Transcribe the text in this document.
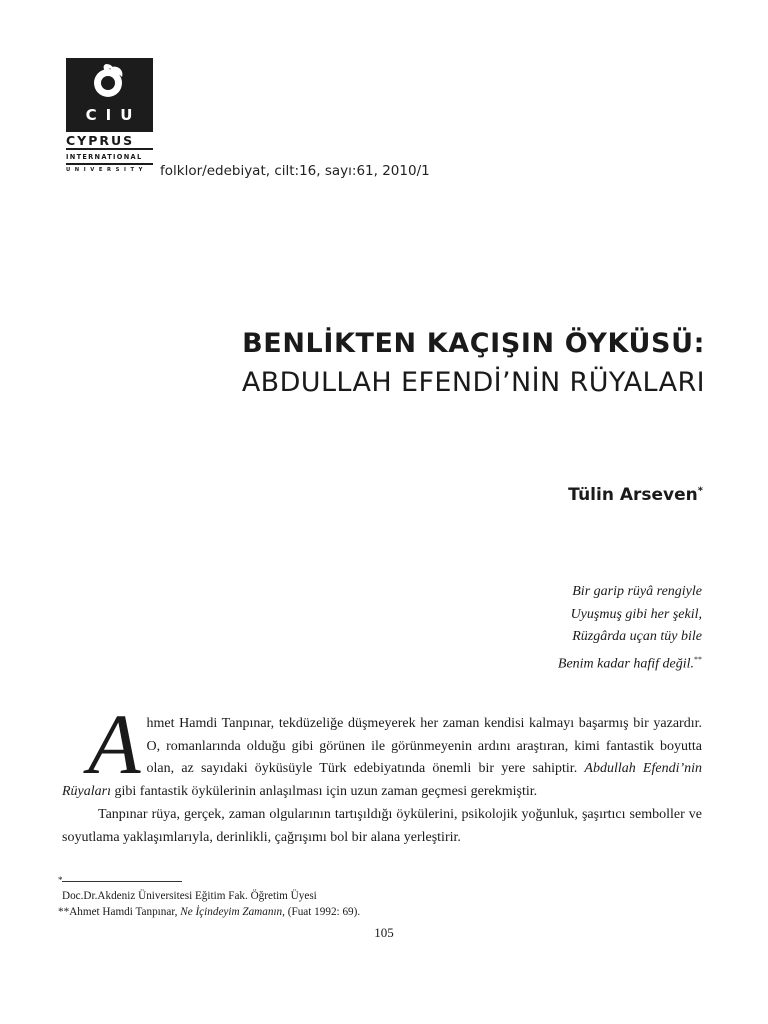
CIU
CYPRUS
INTERNATIONAL
UNIVERSITY folklor/edebiyat, cilt:16, sayı:61, 2010/1
BENLİKTEN KAÇIŞIN ÖYKÜSÜ:
ABDULLAH EFENDİ’NİN RÜYALARI
Tülin Arseven*
Bir garip rüyâ rengiyle
Uyuşmuş gibi her şekil,
Rüzgârda uçan tüy bile
Benim kadar hafif değil.**

Ahmet Hamdi Tanpınar, tekdüzeliğe düşmeyerek her zaman kendisi kalmayı başarmış bir yazardır. O, romanlarında olduğu gibi görünen ile görünmeyenin ardını araştıran, kimi fantastik boyutta olan, az sayıdaki öyküsüyle Türk edebiyatında önemli bir yere sahiptir. Abdullah Efendi’nin Rüyaları gibi fantastik öykülerinin anlaşılması için uzun zaman geçmesi gerekmiştir.

Tanpınar rüya, gerçek, zaman olgularının tartışıldığı öykülerini, psikolojik yoğunluk, şaşırtıcı semboller ve soyutlama yaklaşımlarıyla, derinlikli, çağrışımı bol bir alana yerleştirir.

*
Doc.Dr.Akdeniz Üniversitesi Eğitim Fak. Öğretim Üyesi
**Ahmet Hamdi Tanpınar, Ne İçindeyim Zamanın, (Fuat 1992: 69).
105
